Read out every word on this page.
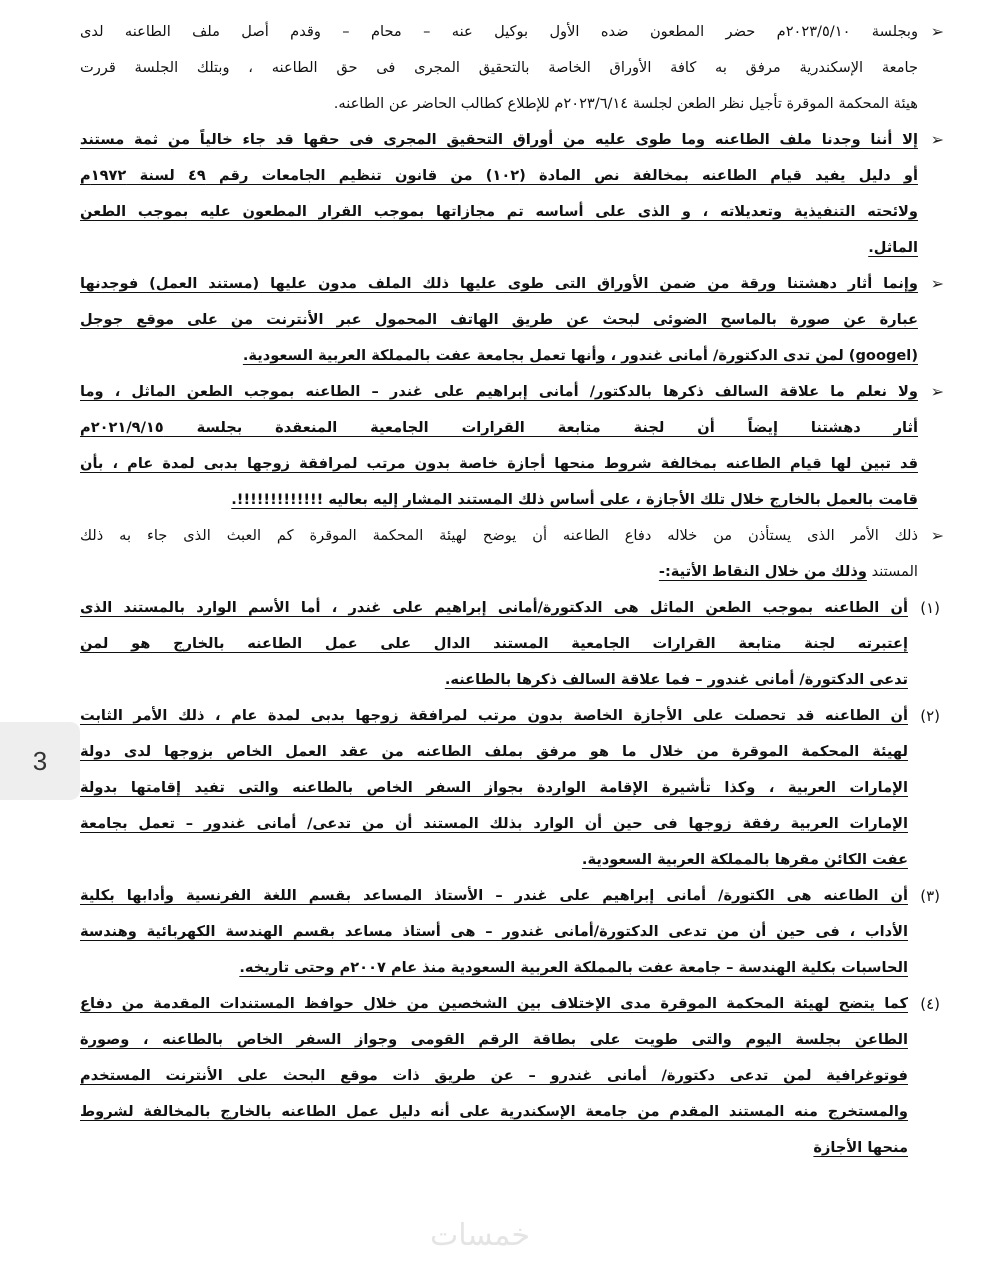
➢
وبجلسة ٢٠٢٣/٥/١٠م حضر المطعون ضده الأول بوكيل عنه – محام – وقدم أصل ملف الطاعنه لدى
جامعة الإسكندرية مرفق به كافة الأوراق الخاصة بالتحقيق المجرى فى حق الطاعنه ، وبتلك الجلسة قررت
هيئة المحكمة الموقرة تأجيل نظر الطعن لجلسة ٢٠٢٣/٦/١٤م للإطلاع كطالب الحاضر عن الطاعنه.
➢
إلا أننا وجدنا ملف الطاعنه وما طوى عليه من أوراق التحقيق المجرى فى حقها قد جاء خالياً من ثمة مستند
أو دليل يفيد قيام الطاعنه بمخالفة نص المادة (١٠٢) من قانون تنظيم الجامعات رقم ٤٩ لسنة ١٩٧٢م
ولائحته التنفيذية وتعديلاته ، و الذى على أساسه تم مجازاتها بموجب القرار المطعون عليه بموجب الطعن
الماثل.
➢
وإنما أثار دهشتنا ورقة من ضمن الأوراق التى طوى عليها ذلك الملف مدون عليها (مستند العمل) فوجدنها
عبارة عن صورة بالماسح الضوئى لبحث عن طريق الهاتف المحمول عبر الأنترنت من على موقع جوجل
(googel) لمن تدى الدكتورة/ أمانى غندور ، وأنها تعمل بجامعة عفت بالمملكة العربية السعودية.
➢
ولا نعلم ما علاقة السالف ذكرها بالدكتور/ أمانى إبراهيم على غندر – الطاعنه بموجب الطعن الماثل ، وما
أثار دهشتنا إيضاً أن لجنة متابعة القرارات الجامعية المنعقدة بجلسة ٢٠٢١/٩/١٥م
قد تبين لها قيام الطاعنه بمخالفة شروط منحها أجازة خاصة بدون مرتب لمرافقة زوجها بدبى لمدة عام ، بأن
قامت بالعمل بالخارج خلال تلك الأجازة ، على أساس ذلك المستند المشار إليه بعاليه !!!!!!!!!!!!!.
➢
ذلك الأمر الذى يستأذن من خلاله دفاع الطاعنه أن يوضح لهيئة المحكمة الموقرة كم العبث الذى جاء به ذلك
المستند وذلك من خلال النقاط الأتية:-
(١)
أن الطاعنه بموجب الطعن الماثل هى الدكتورة/أمانى إبراهيم على غندر ، أما الأسم الوارد بالمستند الذى
إعتبرته لجنة متابعة القرارات الجامعية المستند الدال على عمل الطاعنه بالخارج هو لمن
تدعى الدكتورة/ أمانى غندور – فما علاقة السالف ذكرها بالطاعنه.
(٢)
أن الطاعنه قد تحصلت على الأجازة الخاصة بدون مرتب لمرافقة زوجها بدبى لمدة عام ، ذلك الأمر الثابت
لهيئة المحكمة الموقرة من خلال ما هو مرفق بملف الطاعنه من عقد العمل الخاص بزوجها لدى دولة
الإمارات العربية ، وكذا تأشيرة الإقامة الواردة بجواز السفر الخاص بالطاعنه والتى تفيد إقامتها بدولة
الإمارات العربية رفقة زوجها فى حين أن الوارد بذلك المستند أن من تدعى/ أمانى غندور – تعمل بجامعة
عفت الكائن مقرها بالمملكة العربية السعودية.
(٣)
أن الطاعنه هى الكتورة/ أمانى إبراهيم على غندر – الأستاذ المساعد بقسم اللغة الفرنسية وأدابها بكلية
الأداب ، فى حين أن من تدعى الدكتورة/أمانى غندور – هى أستاذ مساعد بقسم الهندسة الكهربائية وهندسة
الحاسبات بكلية الهندسة – جامعة عفت بالمملكة العربية السعودية منذ عام ٢٠٠٧م وحتى تاريخه.
(٤)
كما يتضح لهيئة المحكمة الموقرة مدى الإختلاف بين الشخصين من خلال حوافظ المستندات المقدمة من دفاع
الطاعن بجلسة اليوم والتى طويت على بطاقة الرقم القومى وجواز السفر الخاص بالطاعنه ، وصورة
فوتوغرافية لمن تدعى دكتورة/ أمانى غندرو – عن طريق ذات موقع البحث على الأنترنت المستخدم
والمستخرج منه المستند المقدم من جامعة الإسكندرية على أنه دليل عمل الطاعنه بالخارج بالمخالفة لشروط
منحها الأجازة
3
خمسات
